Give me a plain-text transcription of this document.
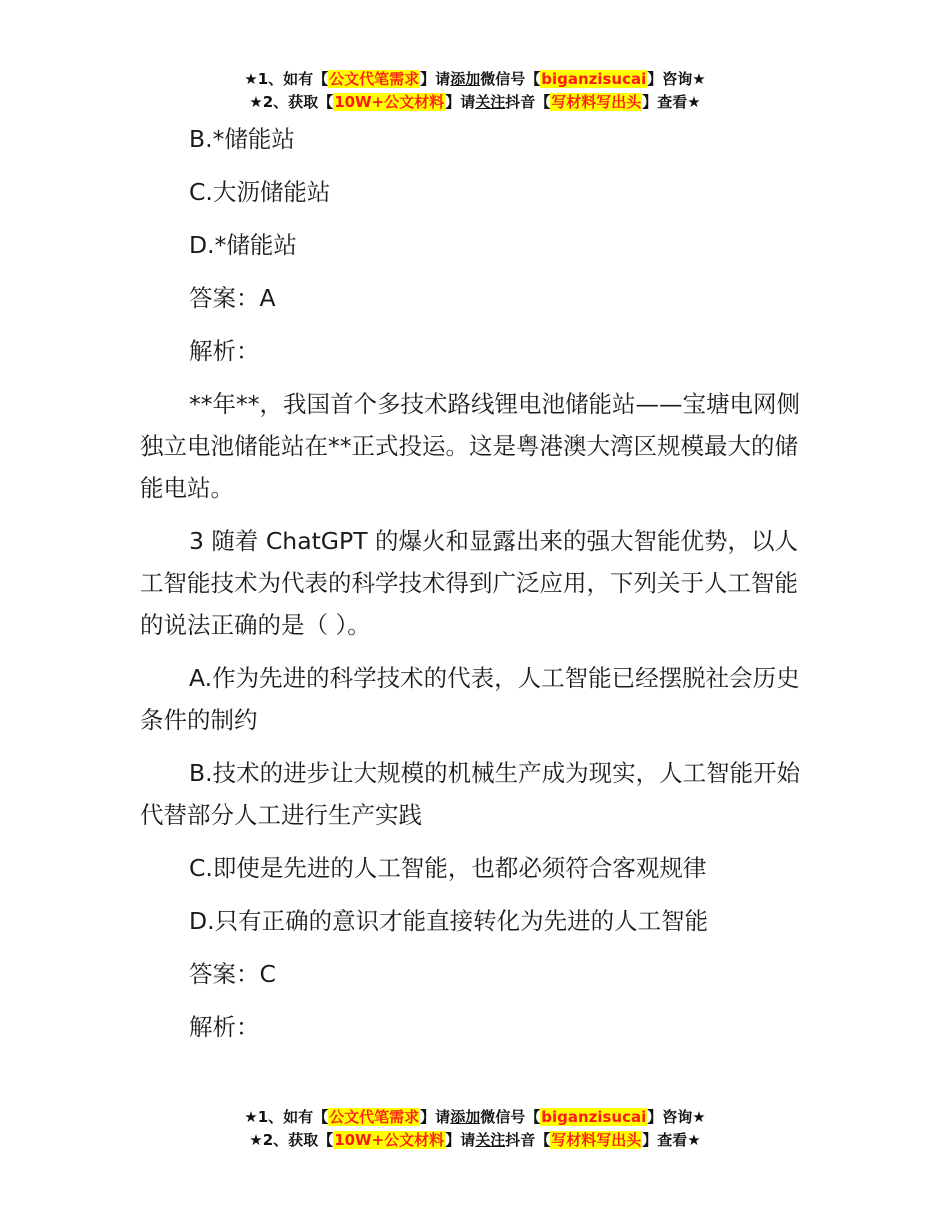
★1、如有【公文代笔需求】请添加微信号【biganzisucai】咨询★
★2、获取【10W+公文材料】请关注抖音【写材料写出头】查看★

B.*储能站

C.大沥储能站

D.*储能站

答案：A

解析：

**年**，我国首个多技术路线锂电池储能站——宝塘电网侧独立电池储能站在**正式投运。这是粤港澳大湾区规模最大的储能电站。

3 随着 ChatGPT 的爆火和显露出来的强大智能优势，以人工智能技术为代表的科学技术得到广泛应用，下列关于人工智能的说法正确的是（ ）。

A.作为先进的科学技术的代表，人工智能已经摆脱社会历史条件的制约

B.技术的进步让大规模的机械生产成为现实，人工智能开始代替部分人工进行生产实践

C.即使是先进的人工智能，也都必须符合客观规律

D.只有正确的意识才能直接转化为先进的人工智能

答案：C

解析：

★1、如有【公文代笔需求】请添加微信号【biganzisucai】咨询★
★2、获取【10W+公文材料】请关注抖音【写材料写出头】查看★
